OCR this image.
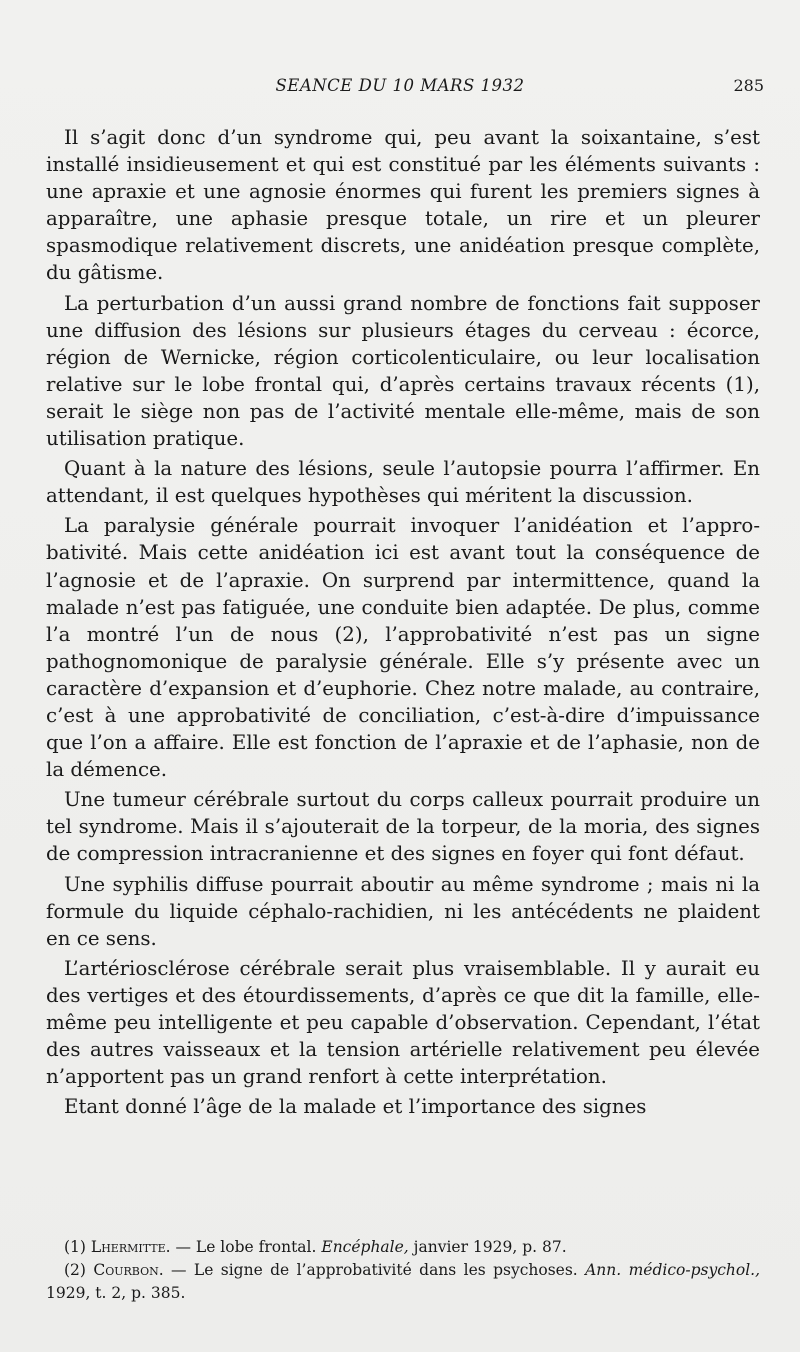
SEANCE DU 10 MARS 1932	285

Il s’agit donc d’un syndrome qui, peu avant la soixantaine, s’est installé insidieusement et qui est constitué par les éléments suivants : une apraxie et une agnosie énormes qui furent les premiers signes à apparaître, une aphasie presque totale, un rire et un pleurer spasmodique relativement discrets, une anidéation presque complète, du gâtisme.

La perturbation d’un aussi grand nombre de fonctions fait supposer une diffusion des lésions sur plusieurs étages du cerveau : écorce, région de Wernicke, région corticolenticulaire, ou leur localisation relative sur le lobe frontal qui, d’après certains travaux récents (1), serait le siège non pas de l’activité mentale elle-même, mais de son utilisation pratique.

Quant à la nature des lésions, seule l’autopsie pourra l’affirmer. En attendant, il est quelques hypothèses qui méritent la discussion.

La paralysie générale pourrait invoquer l’anidéation et l’approbativité. Mais cette anidéation ici est avant tout la conséquence de l’agnosie et de l’apraxie. On surprend par intermittence, quand la malade n’est pas fatiguée, une conduite bien adaptée. De plus, comme l’a montré l’un de nous (2), l’approbativité n’est pas un signe pathognomonique de paralysie générale. Elle s’y présente avec un caractère d’expansion et d’euphorie. Chez notre malade, au contraire, c’est à une approbativité de conciliation, c’est-à-dire d’impuissance que l’on a affaire. Elle est fonction de l’apraxie et de l’aphasie, non de la démence.

Une tumeur cérébrale surtout du corps calleux pourrait produire un tel syndrome. Mais il s’ajouterait de la torpeur, de la moria, des signes de compression intracranienne et des signes en foyer qui font défaut.

Une syphilis diffuse pourrait aboutir au même syndrome ; mais ni la formule du liquide céphalo-rachidien, ni les antécédents ne plaident en ce sens.

L’artériosclérose cérébrale serait plus vraisemblable. Il y aurait eu des vertiges et des étourdissements, d’après ce que dit la famille, elle-même peu intelligente et peu capable d’observation. Cependant, l’état des autres vaisseaux et la tension artérielle relativement peu élevée n’apportent pas un grand renfort à cette interprétation.

Etant donné l’âge de la malade et l’importance des signes

(1) Lhermitte. — Le lobe frontal. Encéphale, janvier 1929, p. 87.

(2) Courbon. — Le signe de l’approbativité dans les psychoses. Ann. médico-psychol., 1929, t. 2, p. 385.
